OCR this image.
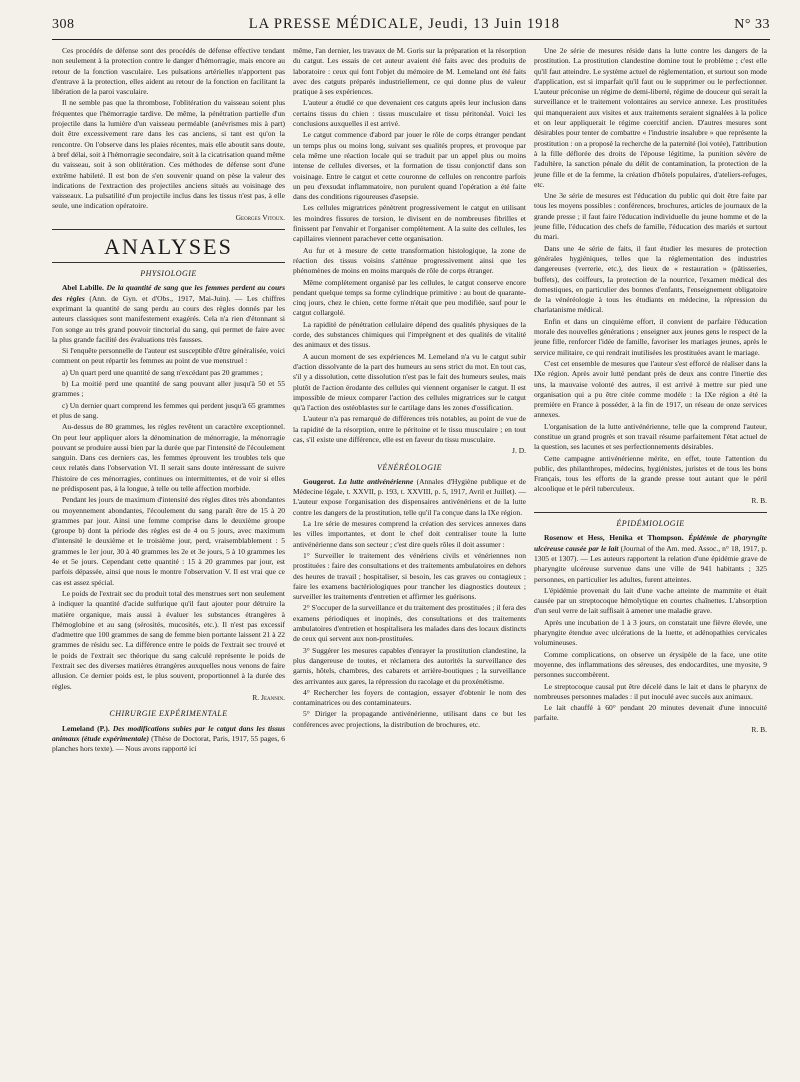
308	LA PRESSE MÉDICALE, Jeudi, 13 Juin 1918	N° 33

Ces procédés de défense sont des procédés de défense effective tendant non seulement à la protection contre le danger d'hémorragie, mais encore au retour de la fonction vasculaire. Les pulsations artérielles n'apportent pas d'entrave à la protection, elles aident au retour de la fonction en facilitant la libération de la paroi vasculaire.

Il ne semble pas que la thrombose, l'oblitération du vaisseau soient plus fréquentes que l'hémorragie tardive. De même, la pénétration partielle d'un projectile dans la lumière d'un vaisseau perméable (anévrismes mis à part) doit être excessivement rare dans les cas anciens, si tant est qu'on la rencontre. On l'observe dans les plaies récentes, mais elle aboutit sans doute, à bref délai, soit à l'hémorragie secondaire, soit à la cicatrisation quand même du vaisseau, soit à son oblitération. Ces méthodes de défense sont d'une extrême habileté. Il est bon de s'en souvenir quand on pèse la valeur des indications de l'extraction des projectiles anciens situés au voisinage des vaisseaux. La pulsatilité d'un projectile inclus dans les tissus n'est pas, à elle seule, une indication opératoire.

Georges Vitoux.
ANALYSES
PHYSIOLOGIE

Abel Labille. De la quantité de sang que les femmes perdent au cours des règles (Ann. de Gyn. et d'Obs., 1917, Mai-Juin). — Les chiffres exprimant la quantité de sang perdu au cours des règles donnés par les auteurs classiques sont manifestement exagérés. Cela n'a rien d'étonnant si l'on songe au très grand pouvoir tinctorial du sang, qui permet de faire avec la plus grande facilité des évaluations très fausses.

Si l'enquête personnelle de l'auteur est susceptible d'être généralisée, voici comment on peut répartir les femmes au point de vue menstruel :

a) Un quart perd une quantité de sang n'excédant pas 20 grammes ;

b) La moitié perd une quantité de sang pouvant aller jusqu'à 50 et 55 grammes ;

c) Un dernier quart comprend les femmes qui perdent jusqu'à 65 grammes et plus de sang.

Au-dessus de 80 grammes, les règles revêtent un caractère exceptionnel. On peut leur appliquer alors la dénomination de ménorragie, la ménorragie pouvant se produire aussi bien par la durée que par l'intensité de l'écoulement sanguin. Dans ces derniers cas, les femmes éprouvent les troubles tels que ceux relatés dans l'observation VI. Il serait sans doute intéressant de suivre l'histoire de ces ménorragies, continues ou intermittentes, et de voir si elles ne prédisposent pas, à la longue, à telle ou telle affection morbide.

Pendant les jours de maximum d'intensité des règles dites très abondantes ou moyennement abondantes, l'écoulement du sang paraît être de 15 à 20 grammes par jour. Ainsi une femme comprise dans le deuxième groupe (groupe b) dont la période des règles est de 4 ou 5 jours, avec maximum d'intensité le deuxième et le troisième jour, perd, vraisemblablement : 5 grammes le 1er jour, 30 à 40 grammes les 2e et 3e jours, 5 à 10 grammes les 4e et 5e jours. Cependant cette quantité : 15 à 20 grammes par jour, est parfois dépassée, ainsi que nous le montre l'observation V. Il est vrai que ce cas est assez spécial.

Le poids de l'extrait sec du produit total des menstrues sert non seulement à indiquer la quantité d'acide sulfurique qu'il faut ajouter pour détruire la matière organique, mais aussi à évaluer les substances étrangères à l'hémoglobine et au sang (sérosités, mucosités, etc.). Il n'est pas excessif d'admettre que 100 grammes de sang de femme bien portante laissent 21 à 22 grammes de résidu sec. La différence entre le poids de l'extrait sec trouvé et le poids de l'extrait sec théorique du sang calculé représente le poids de l'extrait sec des diverses matières étrangères auxquelles nous venons de faire allusion. Ce dernier poids est, le plus souvent, proportionnel à la durée des règles.

R. Jeannin.
CHIRURGIE EXPÉRIMENTALE

Lemeland (P.). Des modifications subies par le catgut dans les tissus animaux (étude expérimentale) (Thèse de Doctorat, Paris, 1917, 55 pages, 6 planches hors texte). — Nous avons rapporté ici

même, l'an dernier, les travaux de M. Goris sur la préparation et la résorption du catgut. Les essais de cet auteur avaient été faits avec des produits de laboratoire : ceux qui font l'objet du mémoire de M. Lemeland ont été faits avec des catguts préparés industriellement, ce qui donne plus de valeur pratique à ses expériences.

L'auteur a étudié ce que devenaient ces catguts après leur inclusion dans certains tissus du chien : tissus musculaire et tissu péritonéal. Voici les conclusions auxquelles il est arrivé.

Le catgut commence d'abord par jouer le rôle de corps étranger pendant un temps plus ou moins long, suivant ses qualités propres, et provoque par cela même une réaction locale qui se traduit par un appel plus ou moins intense de cellules diverses, et la formation de tissu conjonctif dans son voisinage. Entre le catgut et cette couronne de cellules on rencontre parfois un peu d'exsudat inflammatoire, non purulent quand l'opération a été faite dans des conditions rigoureuses d'asepsie.

Les cellules migratrices pénètrent progressivement le catgut en utilisant les moindres fissures de torsion, le divisent en de nombreuses fibrilles et finissent par l'envahir et l'organiser complètement. A la suite des cellules, les capillaires viennent parachever cette organisation.

Au fur et à mesure de cette transformation histologique, la zone de réaction des tissus voisins s'atténue progressivement ainsi que les phénomènes de moins en moins marqués de rôle de corps étranger.

Même complètement organisé par les cellules, le catgut conserve encore pendant quelque temps sa forme cylindrique primitive : au bout de quarante-cinq jours, chez le chien, cette forme n'était que peu modifiée, sauf pour le catgut collargolé.

La rapidité de pénétration cellulaire dépend des qualités physiques de la corde, des substances chimiques qui l'imprègnent et des qualités de vitalité des animaux et des tissus.

A aucun moment de ses expériences M. Lemeland n'a vu le catgut subir d'action dissolvante de la part des humeurs au sens strict du mot. En tout cas, s'il y a dissolution, cette dissolution n'est pas le fait des humeurs seules, mais plutôt de l'action érodante des cellules qui viennent organiser le catgut. Il est impossible de mieux comparer l'action des cellules migratrices sur le catgut qu'à l'action des ostéoblastes sur le cartilage dans les zones d'ossification.

L'auteur n'a pas remarqué de différences très notables, au point de vue de la rapidité de la résorption, entre le péritoine et le tissu musculaire ; en tout cas, s'il existe une différence, elle est en faveur du tissu musculaire.

J. D.
VÉNÉRÉOLOGIE

Gougerot. La lutte antivénérienne (Annales d'Hygiène publique et de Médecine légale, t. XXVII, p. 193, t. XXVIII, p. 5, 1917, Avril et Juillet). — L'auteur expose l'organisation des dispensaires antivénériens et de la lutte contre les dangers de la prostitution, telle qu'il l'a conçue dans la IXe région.

La 1re série de mesures comprend la création des services annexes dans les villes importantes, et dont le chef doit centraliser toute la lutte antivénérienne dans son secteur ; c'est dire quels rôles il doit assumer :

1° Surveiller le traitement des vénériens civils et vénériennes non prostituées : faire des consultations et des traitements ambulatoires en dehors des heures de travail ; hospitaliser, si besoin, les cas graves ou contagieux ; faire les examens bactériologiques pour trancher les diagnostics douteux ; surveiller les traitements d'entretien et affirmer les guérisons.

2° S'occuper de la surveillance et du traitement des prostituées ; il fera des examens périodiques et inopinés, des consultations et des traitements ambulatoires d'entretien et hospitalisera les malades dans des locaux distincts de ceux qui servent aux non-prostituées.

3° Suggérer les mesures capables d'enrayer la prostitution clandestine, la plus dangereuse de toutes, et réclamera des autorités la surveillance des garnis, hôtels, chambres, des cabarets et arrière-boutiques ; la surveillance des arrivantes aux gares, la répression du racolage et du proxénétisme.

4° Rechercher les foyers de contagion, essayer d'obtenir le nom des contaminatrices ou des contaminateurs.

5° Diriger la propagande antivénérienne, utilisant dans ce but les conférences avec projections, la distribution de brochures, etc.

Une 2e série de mesures réside dans la lutte contre les dangers de la prostitution. La prostitution clandestine domine tout le problème ; c'est elle qu'il faut atteindre. Le système actuel de réglementation, et surtout son mode d'application, est si imparfait qu'il faut ou le supprimer ou le perfectionner. L'auteur préconise un régime de demi-liberté, régime de douceur qui serait la surveillance et le traitement volontaires au service annexe. Les prostituées qui manqueraient aux visites et aux traitements seraient signalées à la police et on leur appliquerait le régime coercitif ancien. D'autres mesures sont désirables pour tenter de combattre « l'industrie insalubre » que représente la prostitution : on a proposé la recherche de la paternité (loi votée), l'attribution à la fille déflorée des droits de l'épouse légitime, la punition sévère de l'adultère, la sanction pénale du délit de contamination, la protection de la jeune fille et de la femme, la création d'hôtels populaires, d'ateliers-refuges, etc.

Une 3e série de mesures est l'éducation du public qui doit être faite par tous les moyens possibles : conférences, brochures, articles de journaux de la grande presse ; il faut faire l'éducation individuelle du jeune homme et de la jeune fille, l'éducation des chefs de famille, l'éducation des mariés et surtout du mari.

Dans une 4e série de faits, il faut étudier les mesures de protection générales hygiéniques, telles que la réglementation des industries dangereuses (verrerie, etc.), des lieux de « restauration » (pâtisseries, buffets), des coiffeurs, la protection de la nourrice, l'examen médical des domestiques, en particulier des bonnes d'enfants, l'enseignement obligatoire de la vénéréologie à tous les étudiants en médecine, la répression du charlatanisme médical.

Enfin et dans un cinquième effort, il convient de parfaire l'éducation morale des nouvelles générations ; enseigner aux jeunes gens le respect de la jeune fille, renforcer l'idée de famille, favoriser les mariages jeunes, après le service militaire, ce qui rendrait inutilisées les prostituées avant le mariage.

C'est cet ensemble de mesures que l'auteur s'est efforcé de réaliser dans la IXe région. Après avoir lutté pendant près de deux ans contre l'inertie des uns, la mauvaise volonté des autres, il est arrivé à mettre sur pied une organisation qui a pu être citée comme modèle : la IXe région a été la première en France à posséder, à la fin de 1917, un réseau de onze services annexes.

L'organisation de la lutte antivénérienne, telle que la comprend l'auteur, constitue un grand progrès et son travail résume parfaitement l'état actuel de la question, ses lacunes et ses perfectionnements désirables.

Cette campagne antivénérienne mérite, en effet, toute l'attention du public, des philanthropes, médecins, hygiénistes, juristes et de tous les bons Français, tous les efforts de la grande presse tout autant que le péril alcoolique et le péril tuberculeux.

R. B.
ÉPIDÉMIOLOGIE

Rosenow et Hess, Henika et Thompson. Épidémie de pharyngite ulcéreuse causée par le lait (Journal of the Am. med. Assoc., n° 18, 1917, p. 1305 et 1307). — Les auteurs rapportent la relation d'une épidémie grave de pharyngite ulcéreuse survenue dans une ville de 941 habitants ; 325 personnes, en particulier les adultes, furent atteintes.

L'épidémie provenait du lait d'une vache atteinte de mammite et était causée par un streptocoque hémolytique en courtes chaînettes. L'absorption d'un seul verre de lait suffisait à amener une maladie grave.

Après une incubation de 1 à 3 jours, on constatait une fièvre élevée, une pharyngite étendue avec ulcérations de la luette, et adénopathies cervicales volumineuses.

Comme complications, on observe un érysipèle de la face, une otite moyenne, des inflammations des séreuses, des endocardites, une myosite, 9 personnes succombèrent.

Le streptocoque causal put être décelé dans le lait et dans le pharynx de nombreuses personnes malades : il put inoculé avec succès aux animaux.

Le lait chauffé à 60° pendant 20 minutes devenait d'une innocuité parfaite.

R. B.
